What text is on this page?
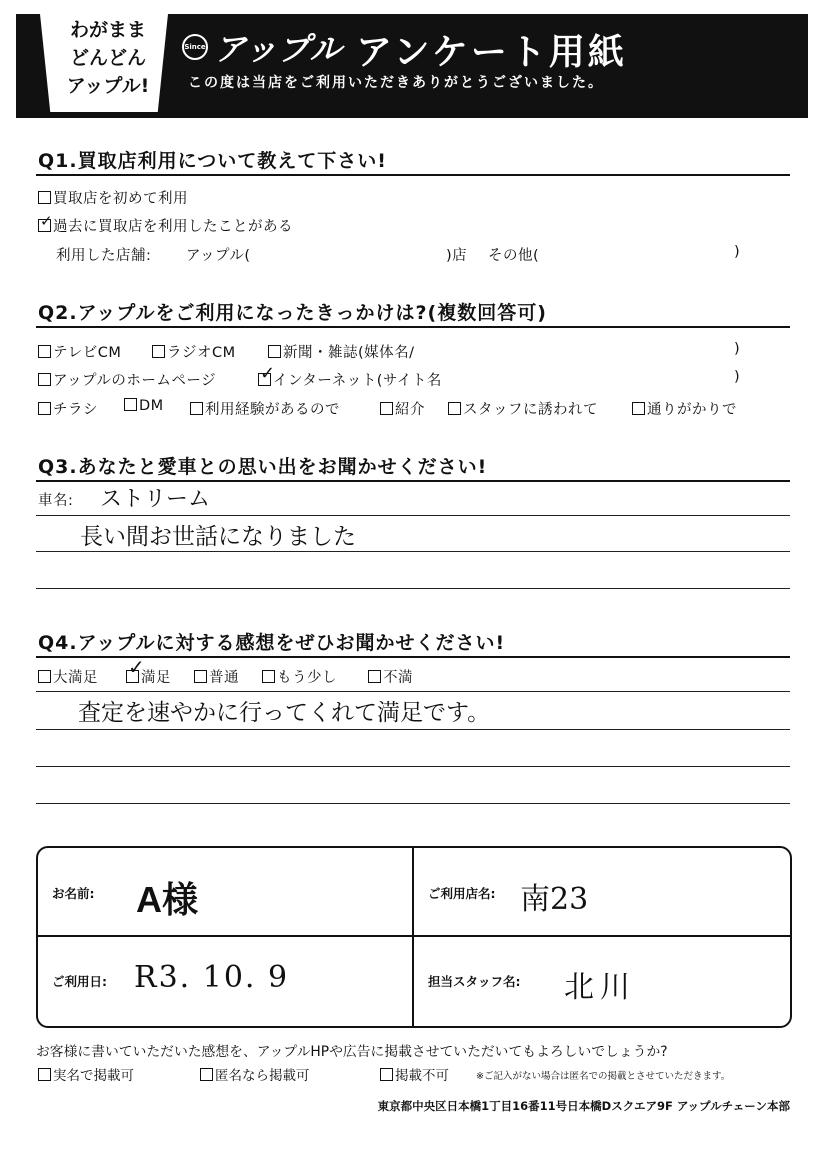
わがまま
どんどん
アップル!
Since アップル アンケート用紙
この度は当店をご利用いただきありがとうございました。
Q1.買取店利用について教えて下さい!
買取店を初めて利用
✓ 過去に買取店を利用したことがある
利用した店舗: アップル(	)店 その他(	)
Q2.アップルをご利用になったきっかけは?(複数回答可)
テレビCM	ラジオCM	新聞・雑誌(媒体名/	)
アップルのホームページ ✓
インターネット(サイト名	)
チラシ	DM	利用経験があるので	紹介	スタッフに誘われて	通りがかりで
Q3.あなたと愛車との思い出をお聞かせください!
車名: ストリーム
長い間お世話になりました
Q4.アップルに対する感想をぜひお聞かせください!
大満足 ✓
満足	普通	もう少し	不満
査定を速やかに行ってくれて満足です。
お名前: A様	ご利用店名: 南23
ご利用日: R3. 10. 9	担当スタッフ名: 北川
お客様に書いていただいた感想を、アップルHPや広告に掲載させていただいてもよろしいでしょうか?
実名で掲載可	匿名なら掲載可	掲載不可	※ご記入がない場合は匿名での掲載とさせていただきます。
東京都中央区日本橋1丁目16番11号日本橋Dスクエア9F アップルチェーン本部
